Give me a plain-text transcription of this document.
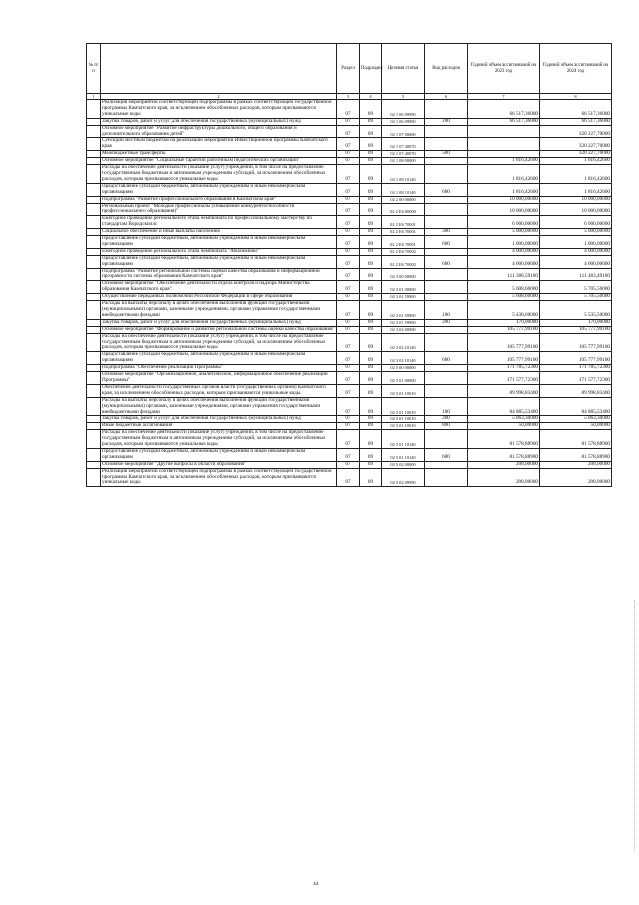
№ п/п		Раздел	Подраздел	Целевая статья	Вид расходов	Годовой объем ассигнований на 2023 год	Годовой объем ассигнований на 2024 год
1	2	3	4	5	6	7	8
	Реализация мероприятий соответствующей подпрограммы в рамках соответствующей государственной программы Камчатского края, за исключением обособленных расходов, которым присваиваются уникальные коды	07	09	02 1 06 09990		66 517,36000	66 517,36000
	Закупка товаров, работ и услуг для обеспечения государственных (муниципальных) нужд	07	09	02 1 06 09990	200	66 517,36000	66 517,36000
	Основное мероприятие "Развитие инфраструктуры дошкольного, общего образования и дополнительного образования детей"	07	09	02 1 07 00000			320 227,70000
	Субсидии местным бюджетам на реализацию мероприятий Инвестиционной программы Камчатского края	07	09	02 1 07 40070			320 227,70000
	Межбюджетные трансферты	07	09	02 1 07 40070	500		320 227,70000
	Основное мероприятие "Социальные гарантии работникам педагогических организаций"	07	09	02 1 08 00000		1 816,42600	1 816,42600
	Расходы на обеспечение деятельности (оказание услуг) учреждений, в том числе на предоставление государственным бюджетным и автономным учреждениям субсидий, за исключением обособленных расходов, которым присваиваются уникальные коды	07	09	02 1 08 10140		1 816,42600	1 816,42600
	Предоставление субсидий бюджетным, автономным учреждениям и иным некоммерческим организациям	07	09	02 1 08 10140	600	1 816,42600	1 816,42600
	Подпрограмма "Развитие профессионального образования в Камчатском крае"	07	09	02 2 00 00000		10 000,00000	10 000,00000
	Региональный проект "Молодые профессионалы (Повышение конкурентоспособности профессионального образования)"	07	09	02 2 E6 00000		10 000,00000	10 000,00000
	Ежегодное проведение регионального этапа чемпионата по профессиональному мастерству по стандартам Ворлдскиллс	07	09	02 2 E6 70001		6 000,00000	6 000,00000
	Социальное обеспечение и иные выплаты населению	07	09	02 2 E6 70001	300	5 000,00000	5 000,00000
	Предоставление субсидий бюджетным, автономным учреждениям и иным некоммерческим организациям	07	09	02 2 E6 70001	600	1 000,00000	1 000,00000
	Ежегодное проведение регионального этапа чемпионата "Абилимпикс"	07	09	02 2 E6 70002		4 000,00000	4 000,00000
	Предоставление субсидий бюджетным, автономным учреждениям и иным некоммерческим организациям	07	09	02 2 E6 70002	600	4 000,00000	4 000,00000
	Подпрограмма "Развитие региональной системы оценки качества образования и информационной прозрачности системы образования Камчатского края"	07	09	02 3 00 00000		111 386,59100	111 483,49100
	Основное мероприятие "Обеспечение деятельности отдела контроля и надзора Министерства образования Камчатского края"	07	09	02 3 01 00000		5 608,60000	5 705,50000
	Осуществление переданных полномочий Российской Федерации в сфере образования	07	09	02 3 01 59900		5 608,60000	5 705,50000
	Расходы на выплаты персоналу в целях обеспечения выполнения функций государственными (муниципальными) органами, казенными учреждениями, органами управления государственными внебюджетными фондами	07	09	02 3 01 59900	100	5 438,60000	5 535,50000
	Закупка товаров, работ и услуг для обеспечения государственных (муниципальных) нужд	07	09	02 3 01 59900	200	170,00000	170,00000
	Основное мероприятие "Формирование и развитие региональной системы оценки качества образования"	07	09	02 3 02 00000		105 777,99100	105 777,99100
	Расходы на обеспечение деятельности (оказание услуг) учреждений, в том числе на предоставление государственным бюджетным и автономным учреждениям субсидий, за исключением обособленных расходов, которым присваиваются уникальные коды	07	09	02 3 02 10140		105 777,99100	105 777,99100
	Предоставление субсидий бюджетным, автономным учреждениям и иным некоммерческим организациям	07	09	02 3 02 10140	600	105 777,99100	105 777,99100
	Подпрограмма "Обеспечение реализации Программы"	07	09	02 5 00 00000		171 785,72300	171 785,72300
	Основное мероприятие "Организационное, аналитическое, информационное обеспечение реализации Программы"	07	09	02 5 01 00000		171 577,72300	171 577,72300
	Обеспечение деятельности государственных органов власти (государственных органов) Камчатского края, за исключением обособленных расходов, которым присваиваются уникальные коды.	07	09	02 5 01 10010		89 998,83400	89 998,83400
	Расходы на выплаты персоналу в целях обеспечения выполнения функций государственными (муниципальными) органами, казенными учреждениями, органами управления государственными внебюджетными фондами	07	09	02 5 01 10010	100	84 885,53400	84 885,53400
	Закупка товаров, работ и услуг для обеспечения государственных (муниципальных) нужд	07	09	02 5 01 10010	200	5 063,30000	5 063,30000
	Иные бюджетные ассигнования	07	09	02 5 01 10010	800	50,00000	50,00000
	Расходы на обеспечение деятельности (оказание услуг) учреждений, в том числе на предоставление государственным бюджетным и автономным учреждениям субсидий, за исключением обособленных расходов, которым присваиваются уникальные коды	07	09	02 5 01 10140		81 578,88900	81 578,88900
	Предоставление субсидий бюджетным, автономным учреждениям и иным некоммерческим организациям	07	09	02 5 01 10140	600	81 578,88900	81 578,88900
	Основное мероприятие "Другие вопросы в области образования"	07	09	02 5 02 00000		208,00000	208,00000
	Реализация мероприятий соответствующей подпрограммы в рамках соответствующей государственной программы Камчатского края, за исключением обособленных расходов, которым присваиваются уникальные коды	07	09	02 5 02 09990		208,00000	208,00000
44
